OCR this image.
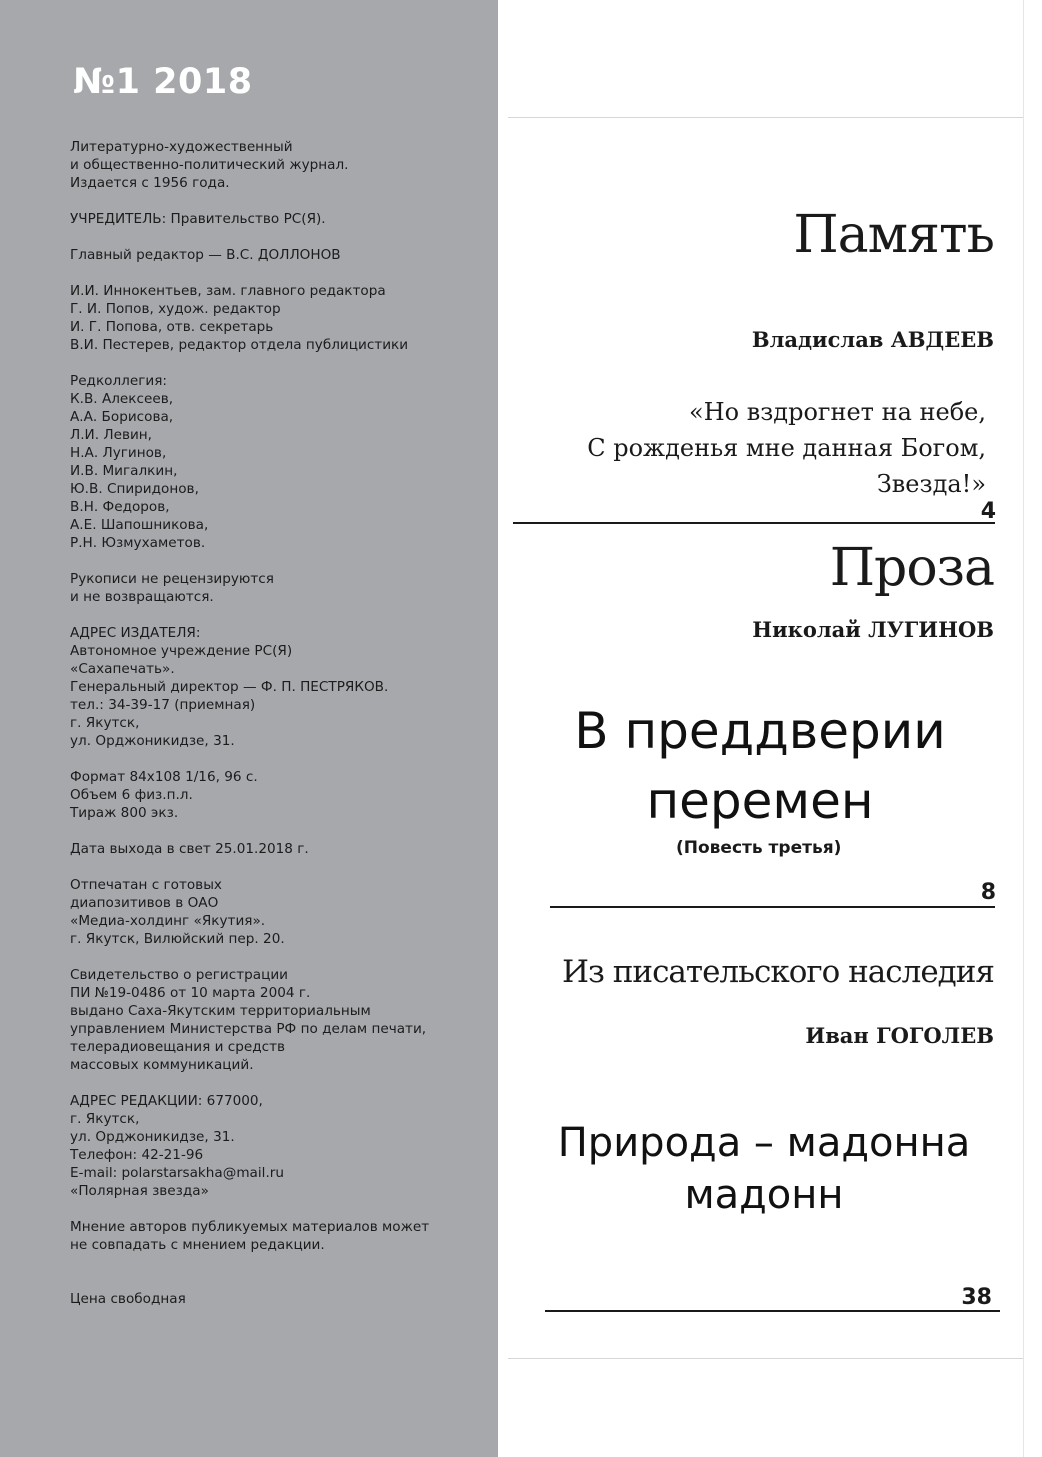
№1 2018

Литературно-художественный
и общественно-политический журнал.
Издается с 1956 года.

УЧРЕДИТЕЛЬ: Правительство РС(Я).

Главный редактор — В.С. ДОЛЛОНОВ

И.И. Иннокентьев, зам. главного редактора
Г. И. Попов, худож. редактор
И. Г. Попова, отв. секретарь
В.И. Пестерев, редактор отдела публицистики

Редколлегия:
К.В. Алексеев,
А.А. Борисова,
Л.И. Левин,
Н.А. Лугинов,
И.В. Мигалкин,
Ю.В. Спиридонов,
В.Н. Федоров,
А.Е. Шапошникова,
Р.Н. Юзмухаметов.

Рукописи не рецензируются
и не возвращаются.

АДРЕС ИЗДАТЕЛЯ:
Автономное учреждение РС(Я)
«Сахапечать».
Генеральный директор — Ф. П. ПЕСТРЯКОВ.
тел.: 34-39-17 (приемная)
г. Якутск,
ул. Орджоникидзе, 31.

Формат 84x108 1/16, 96 с.
Объем 6 физ.п.л.
Тираж 800 экз.

Дата выхода в свет 25.01.2018 г.

Отпечатан с готовых
диапозитивов в ОАО
«Медиа-холдинг «Якутия».
г. Якутск, Вилюйский пер. 20.

Свидетельство о регистрации
ПИ №19-0486 от 10 марта 2004 г.
выдано Саха-Якутским территориальным
управлением Министерства РФ по делам печати,
телерадиовещания и средств
массовых коммуникаций.

АДРЕС РЕДАКЦИИ: 677000,
г. Якутск,
ул. Орджоникидзе, 31.
Телефон: 42-21-96
E-mail: polarstarsakha@mail.ru
«Полярная звезда»

Мнение авторов публикуемых материалов может
не совпадать с мнением редакции.

Цена свободная

Память

Владислав АВДЕЕВ

«Но вздрогнет на небе,
С рожденья мне данная Богом,
Звезда!»

4

Проза

Николай ЛУГИНОВ

В преддверии
перемен

(Повесть третья)

8

Из писательского наследия

Иван ГОГОЛЕВ

Природа – мадонна
мадонн

38
